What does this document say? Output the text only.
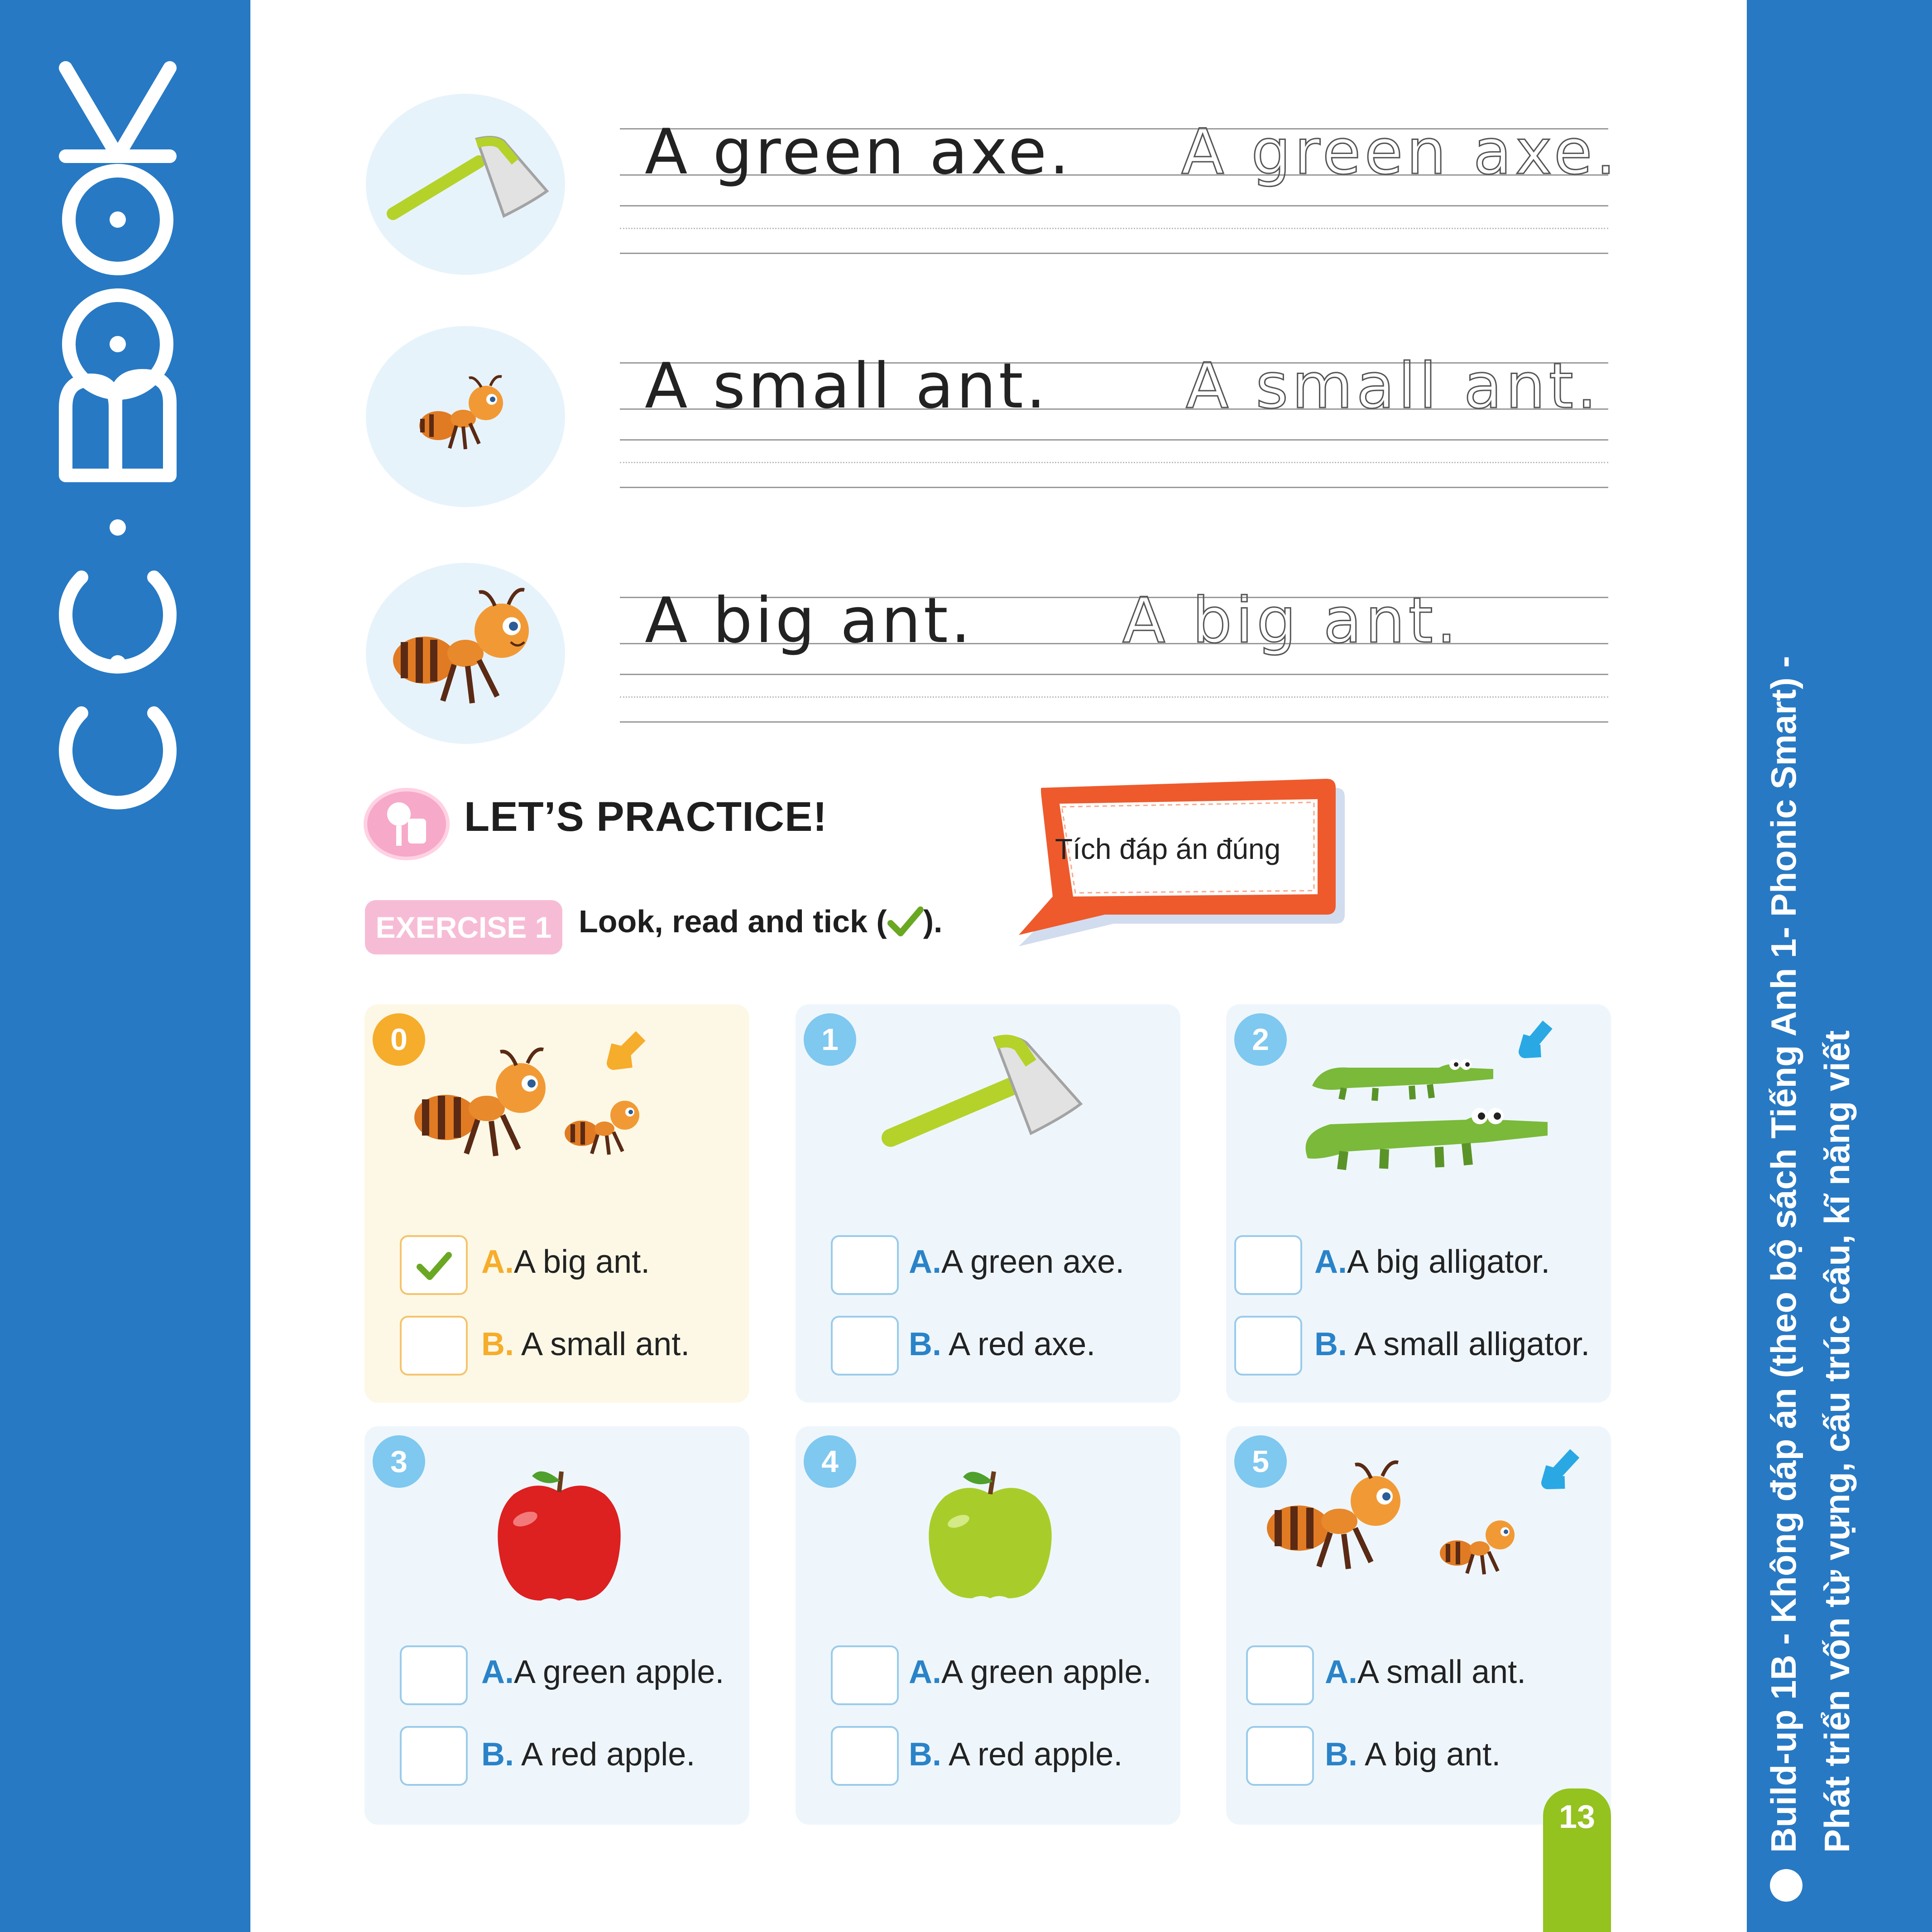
Build-up 1B - Không đáp án (theo bộ sách Tiếng Anh 1- Phonic Smart) - Phát triển vốn từ vựng, cấu trúc câu, kĩ năng viết
A green axe. A green axe.
A small ant. A small ant.
A big ant. A big ant.
LET’S PRACTICE!
Tích đáp án đúng
EXERCISE 1 Look, read and tick ( ).
0
A.A big ant.
B. A small ant.
1
A.A green axe.
B. A red axe.
2
A.A big alligator.
B. A small alligator.
3
A.A green apple.
B. A red apple.
4
A.A green apple.
B. A red apple.
5
A.A small ant.
B. A big ant.
13
